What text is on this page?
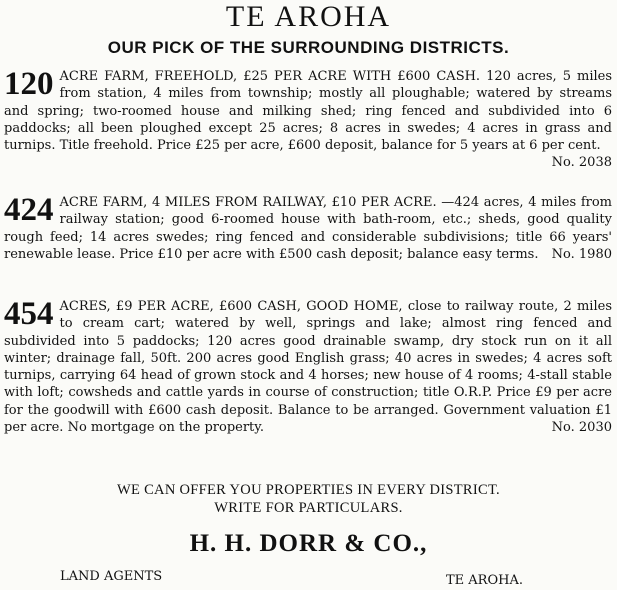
TE AROHA
OUR PICK OF THE SURROUNDING DISTRICTS.
120 ACRE FARM, FREEHOLD, £25 PER ACRE WITH £600 CASH. 120 acres, 5 miles from station, 4 miles from township; mostly all ploughable; watered by streams and spring; two-roomed house and milking shed; ring fenced and subdivided into 6 paddocks; all been ploughed except 25 acres; 8 acres in swedes; 4 acres in grass and turnips. Title freehold. Price £25 per acre, £600 deposit, balance for 5 years at 6 per cent.
No. 2038

424 ACRE FARM, 4 MILES FROM RAILWAY, £10 PER ACRE. —424 acres, 4 miles from railway station; good 6-roomed house with bath-room, etc.; sheds, good quality rough feed; 14 acres swedes; ring fenced and considerable subdivisions; title 66 years' renewable lease. Price £10 per acre with £500 cash deposit; balance easy terms. No. 1980

454 ACRES, £9 PER ACRE, £600 CASH, GOOD HOME, close to railway route, 2 miles to cream cart; watered by well, springs and lake; almost ring fenced and subdivided into 5 paddocks; 120 acres good drainable swamp, dry stock run on it all winter; drainage fall, 50ft. 200 acres good English grass; 40 acres in swedes; 4 acres soft turnips, carrying 64 head of grown stock and 4 horses; new house of 4 rooms; 4-stall stable with loft; cowsheds and cattle yards in course of construction; title O.R.P. Price £9 per acre for the goodwill with £600 cash deposit. Balance to be arranged. Government valuation £1 per acre. No mortgage on the property.	No. 2030

WE CAN OFFER YOU PROPERTIES IN EVERY DISTRICT.
WRITE FOR PARTICULARS.
H. H. DORR & CO.,
LAND AGENTS	TE AROHA.
